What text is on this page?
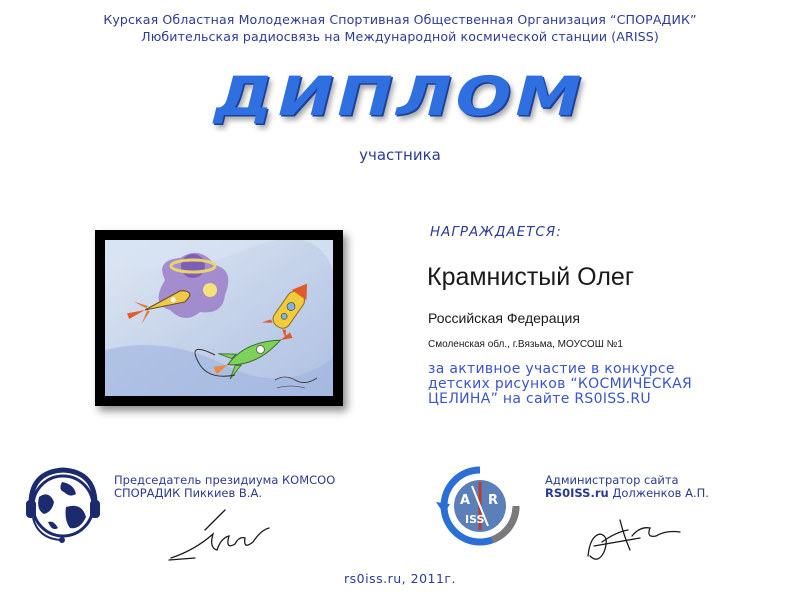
Курская Областная Молодежная Спортивная Общественная Организация “СПОРАДИК”
Любительская радиосвязь на Международной космической станции (ARISS)
ДИПЛОМ
участника
НАГРАЖДАЕТСЯ:
Крамнистый Олег
Российская Федерация
Смоленская обл., г.Вязьма, МОУСОШ №1
за активное участие в конкурсе
детских рисунков “КОСМИЧЕСКАЯ
ЦЕЛИНА” на сайте RS0ISS.RU
Председатель президиума КОМСОО
СПОРАДИК Пиккиев В.А.	A R
ISS
Администратор сайта
RS0ISS.ru Долженков А.П.
rs0iss.ru, 2011г.
